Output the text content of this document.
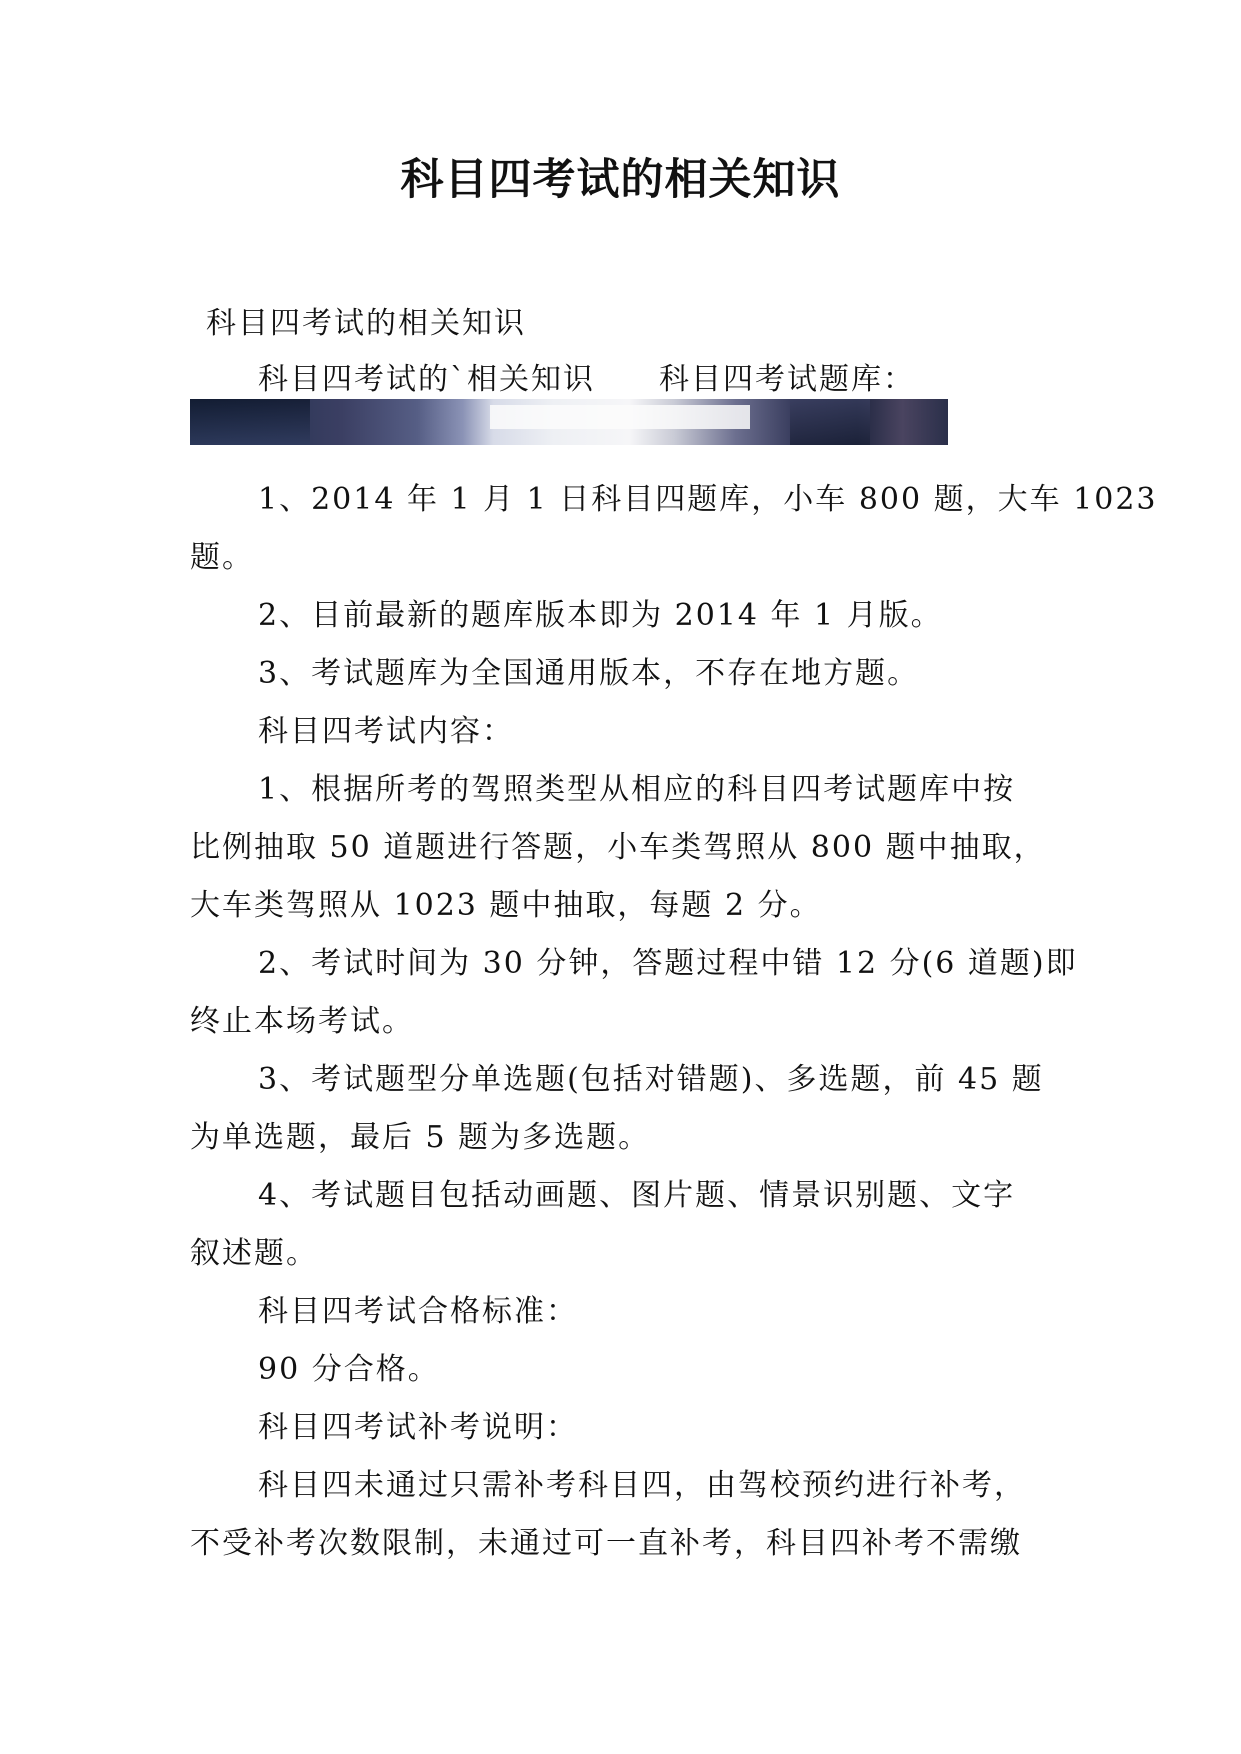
科目四考试的相关知识

科目四考试的相关知识

科目四考试的`相关知识　　科目四考试题库：

1、2014 年 1 月 1 日科目四题库，小车 800 题，大车 1023

题。

2、目前最新的题库版本即为 2014 年 1 月版。

3、考试题库为全国通用版本，不存在地方题。

科目四考试内容：

1、根据所考的驾照类型从相应的科目四考试题库中按

比例抽取 50 道题进行答题，小车类驾照从 800 题中抽取，

大车类驾照从 1023 题中抽取，每题 2 分。

2、考试时间为 30 分钟，答题过程中错 12 分(6 道题)即

终止本场考试。

3、考试题型分单选题(包括对错题)、多选题，前 45 题

为单选题，最后 5 题为多选题。

4、考试题目包括动画题、图片题、情景识别题、文字

叙述题。

科目四考试合格标准：

90 分合格。

科目四考试补考说明：

科目四未通过只需补考科目四，由驾校预约进行补考，

不受补考次数限制，未通过可一直补考，科目四补考不需缴
